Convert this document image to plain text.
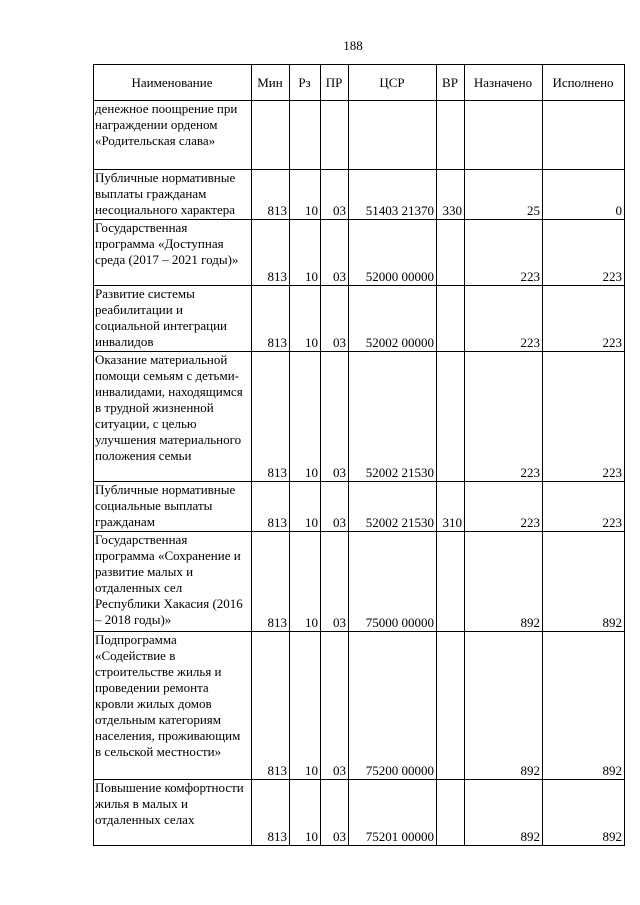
188
Наименование	Мин	Рз	ПР	ЦСР	ВР	Назначено	Исполнено
денежное поощрение при награждении орденом «Родительская слава»							
Публичные нормативные выплаты гражданам несоциального характера	813	10	03	51403 21370	330	25	0
Государственная программа «Доступная среда (2017 – 2021 годы)»	813	10	03	52000 00000		223	223
Развитие системы реабилитации и социальной интеграции инвалидов	813	10	03	52002 00000		223	223
Оказание материальной помощи семьям с детьми-инвалидами, находящимся в трудной жизненной ситуации, с целью улучшения материального положения семьи	813	10	03	52002 21530		223	223
Публичные нормативные социальные выплаты гражданам	813	10	03	52002 21530	310	223	223
Государственная программа «Сохранение и развитие малых и отдаленных сел Республики Хакасия (2016 – 2018 годы)»	813	10	03	75000 00000		892	892
Подпрограмма «Содействие в строительстве жилья и проведении ремонта кровли жилых домов отдельным категориям населения, проживающим в сельской местности»	813	10	03	75200 00000		892	892
Повышение комфортности жилья в малых и отдаленных селах	813	10	03	75201 00000		892	892
